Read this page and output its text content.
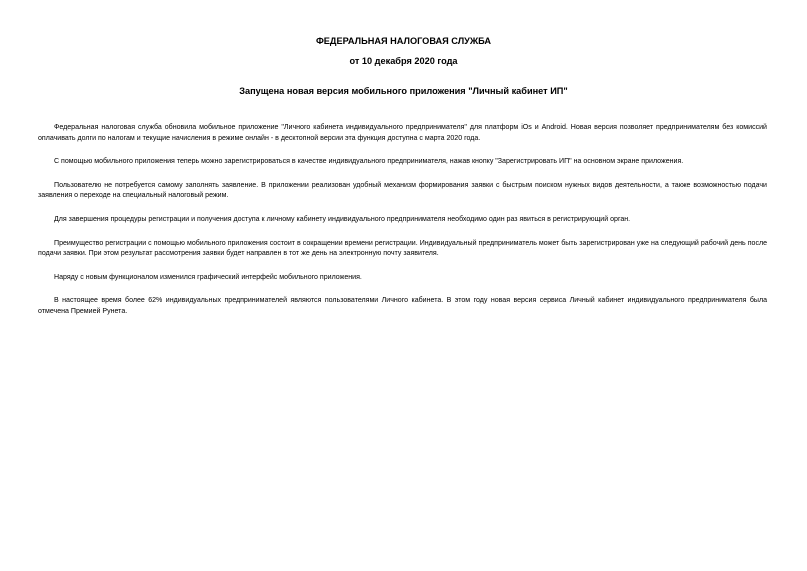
ФЕДЕРАЛЬНАЯ НАЛОГОВАЯ СЛУЖБА
от 10 декабря 2020 года
Запущена новая версия мобильного приложения "Личный кабинет ИП"

Федеральная налоговая служба обновила мобильное приложение "Личного кабинета индивидуального предпринимателя" для платформ iOs и Android. Новая версия позволяет предпринимателям без комиссий оплачивать долги по налогам и текущие начисления в режиме онлайн - в десктопной версии эта функция доступна с марта 2020 года.

С помощью мобильного приложения теперь можно зарегистрироваться в качестве индивидуального предпринимателя, нажав кнопку "Зарегистрировать ИП" на основном экране приложения.

Пользователю не потребуется самому заполнять заявление. В приложении реализован удобный механизм формирования заявки с быстрым поиском нужных видов деятельности, а также возможностью подачи заявления о переходе на специальный налоговый режим.

Для завершения процедуры регистрации и получения доступа к личному кабинету индивидуального предпринимателя необходимо один раз явиться в регистрирующий орган.

Преимущество регистрации с помощью мобильного приложения состоит в сокращении времени регистрации. Индивидуальный предприниматель может быть зарегистрирован уже на следующий рабочий день после подачи заявки. При этом результат рассмотрения заявки будет направлен в тот же день на электронную почту заявителя.

Наряду с новым функционалом изменился графический интерфейс мобильного приложения.

В настоящее время более 62% индивидуальных предпринимателей являются пользователями Личного кабинета. В этом году новая версия сервиса Личный кабинет индивидуального предпринимателя была отмечена Премией Рунета.
